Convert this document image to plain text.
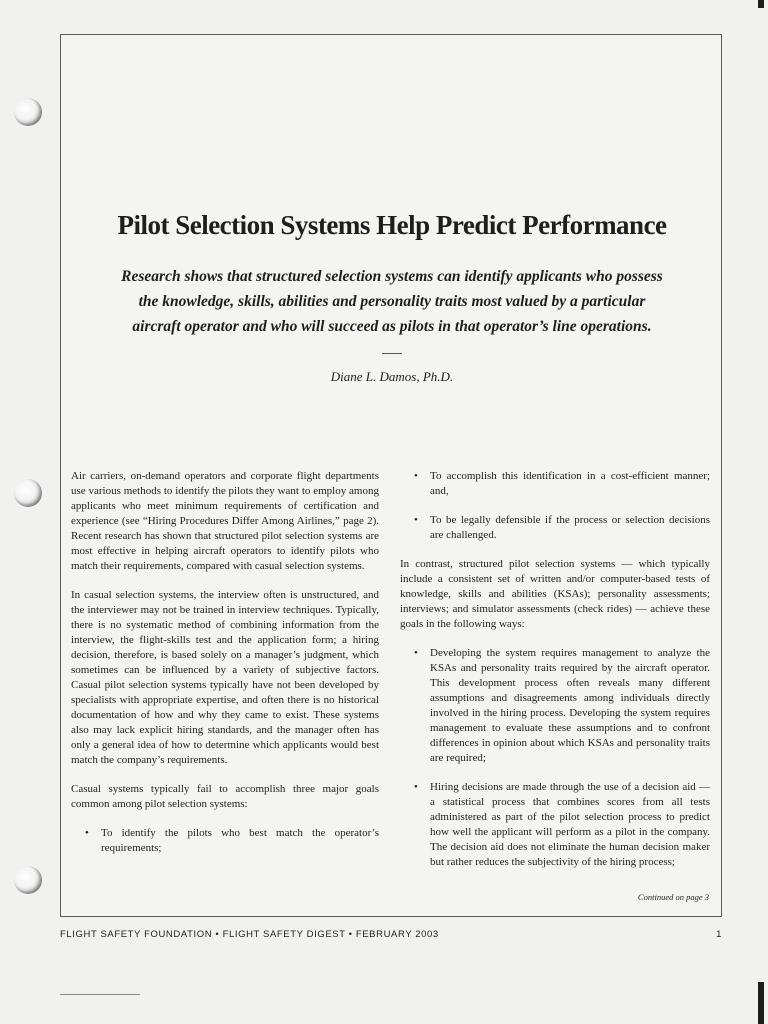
Pilot Selection Systems Help Predict Performance

Research shows that structured selection systems can identify applicants who possess the knowledge, skills, abilities and personality traits most valued by a particular aircraft operator and who will succeed as pilots in that operator’s line operations.

Diane L. Damos, Ph.D.

Air carriers, on-demand operators and corporate flight departments use various methods to identify the pilots they want to employ among applicants who meet minimum requirements of certification and experience (see “Hiring Procedures Differ Among Airlines,” page 2). Recent research has shown that structured pilot selection systems are most effective in helping aircraft operators to identify pilots who match their requirements, compared with casual selection systems.

In casual selection systems, the interview often is unstructured, and the interviewer may not be trained in interview techniques. Typically, there is no systematic method of combining information from the interview, the flight-skills test and the application form; a hiring decision, therefore, is based solely on a manager’s judgment, which sometimes can be influenced by a variety of subjective factors. Casual pilot selection systems typically have not been developed by specialists with appropriate expertise, and often there is no historical documentation of how and why they came to exist. These systems also may lack explicit hiring standards, and the manager often has only a general idea of how to determine which applicants would best match the company’s requirements.

Casual systems typically fail to accomplish three major goals common among pilot selection systems:

• To identify the pilots who best match the operator’s requirements;
• To accomplish this identification in a cost-efficient manner; and,
• To be legally defensible if the process or selection decisions are challenged.

In contrast, structured pilot selection systems — which typically include a consistent set of written and/or computer-based tests of knowledge, skills and abilities (KSAs); personality assessments; interviews; and simulator assessments (check rides) — achieve these goals in the following ways:

• Developing the system requires management to analyze the KSAs and personality traits required by the aircraft operator. This development process often reveals many different assumptions and disagreements among individuals directly involved in the hiring process. Developing the system requires management to evaluate these assumptions and to confront differences in opinion about which KSAs and personality traits are required;
• Hiring decisions are made through the use of a decision aid — a statistical process that combines scores from all tests administered as part of the pilot selection process to predict how well the applicant will perform as a pilot in the company. The decision aid does not eliminate the human decision maker but rather reduces the subjectivity of the hiring process;

Continued on page 3

FLIGHT SAFETY FOUNDATION • FLIGHT SAFETY DIGEST • FEBRUARY 2003	1
